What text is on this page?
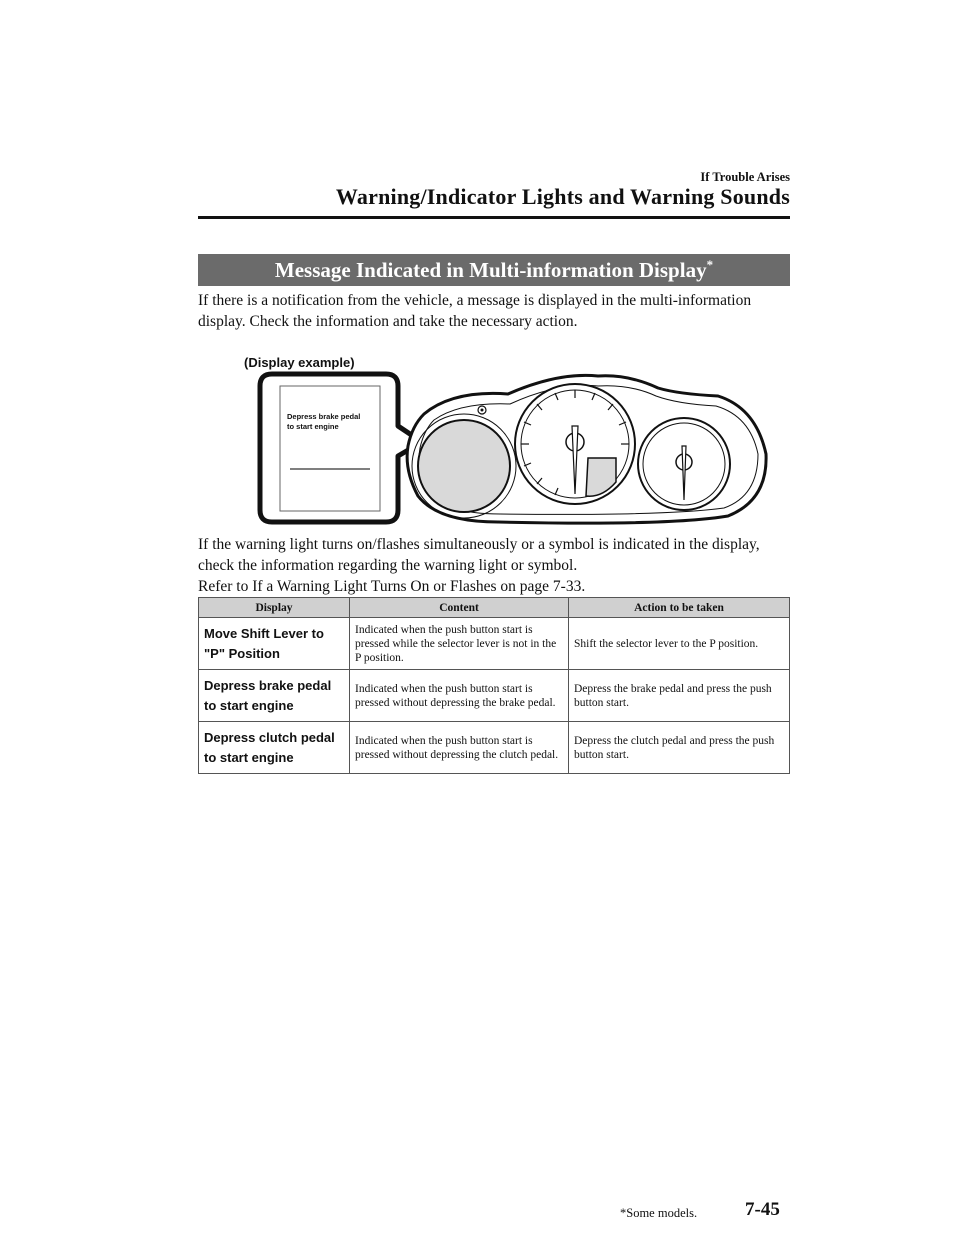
If Trouble Arises
Warning/Indicator Lights and Warning Sounds
Message Indicated in Multi-information Display*
If there is a notification from the vehicle, a message is displayed in the multi-information display. Check the information and take the necessary action.
(Display example)
Depress brake pedal
to start engine
If the warning light turns on/flashes simultaneously or a symbol is indicated in the display, check the information regarding the warning light or symbol.
Refer to If a Warning Light Turns On or Flashes on page 7-33.
Display	Content	Action to be taken

Move Shift Lever to
"P" Position	Indicated when the push button start is pressed while the selector lever is not in the P position.	Shift the selector lever to the P position.

Depress brake pedal
to start engine	Indicated when the push button start is pressed without depressing the brake pedal.	Depress the brake pedal and press the push button start.

Depress clutch pedal
to start engine	Indicated when the push button start is pressed without depressing the clutch pedal.	Depress the clutch pedal and press the push button start.
*Some models.	7-45
